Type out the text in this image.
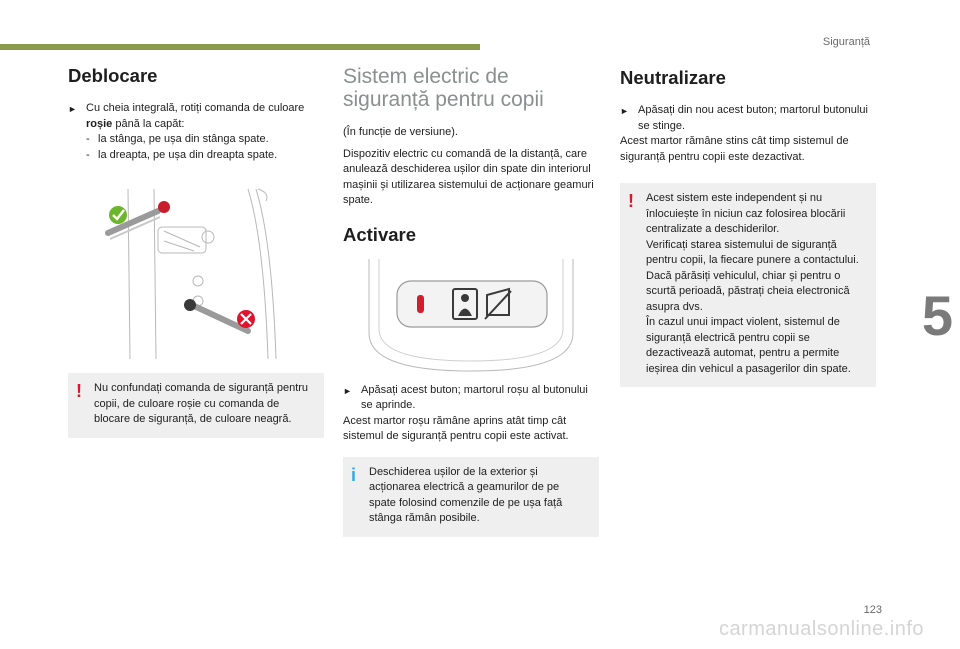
Siguranță
5
123
carmanualsonline.info
Deblocare
► Cu cheia integrală, rotiți comanda de culoare roșie până la capăt:
- la stânga, pe ușa din stânga spate.
- la dreapta, pe ușa din dreapta spate.
! Nu confundați comanda de siguranță pentru copii, de culoare roșie cu comanda de blocare de siguranță, de culoare neagră.

Sistem electric de siguranță pentru copii

(În funcție de versiune).

Dispozitiv electric cu comandă de la distanță, care anulează deschiderea ușilor din spate din interiorul mașinii și utilizarea sistemului de acționare geamuri spate.

Activare
► Apăsați acest buton; martorul roșu al butonului se aprinde.

Acest martor roșu rămâne aprins atât timp cât sistemul de siguranță pentru copii este activat.

i Deschiderea ușilor de la exterior și acționarea electrică a geamurilor de pe spate folosind comenzile de pe ușa față stânga rămân posibile.

Neutralizare
► Apăsați din nou acest buton; martorul butonului se stinge.

Acest martor rămâne stins cât timp sistemul de siguranță pentru copii este dezactivat.

! Acest sistem este independent și nu înlocuiește în niciun caz folosirea blocării centralizate a deschiderilor.

Verificați starea sistemului de siguranță pentru copii, la fiecare punere a contactului.

Dacă părăsiți vehiculul, chiar și pentru o scurtă perioadă, păstrați cheia electronică asupra dvs.

În cazul unui impact violent, sistemul de siguranță electrică pentru copii se dezactivează automat, pentru a permite ieșirea din vehicul a pasagerilor din spate.
